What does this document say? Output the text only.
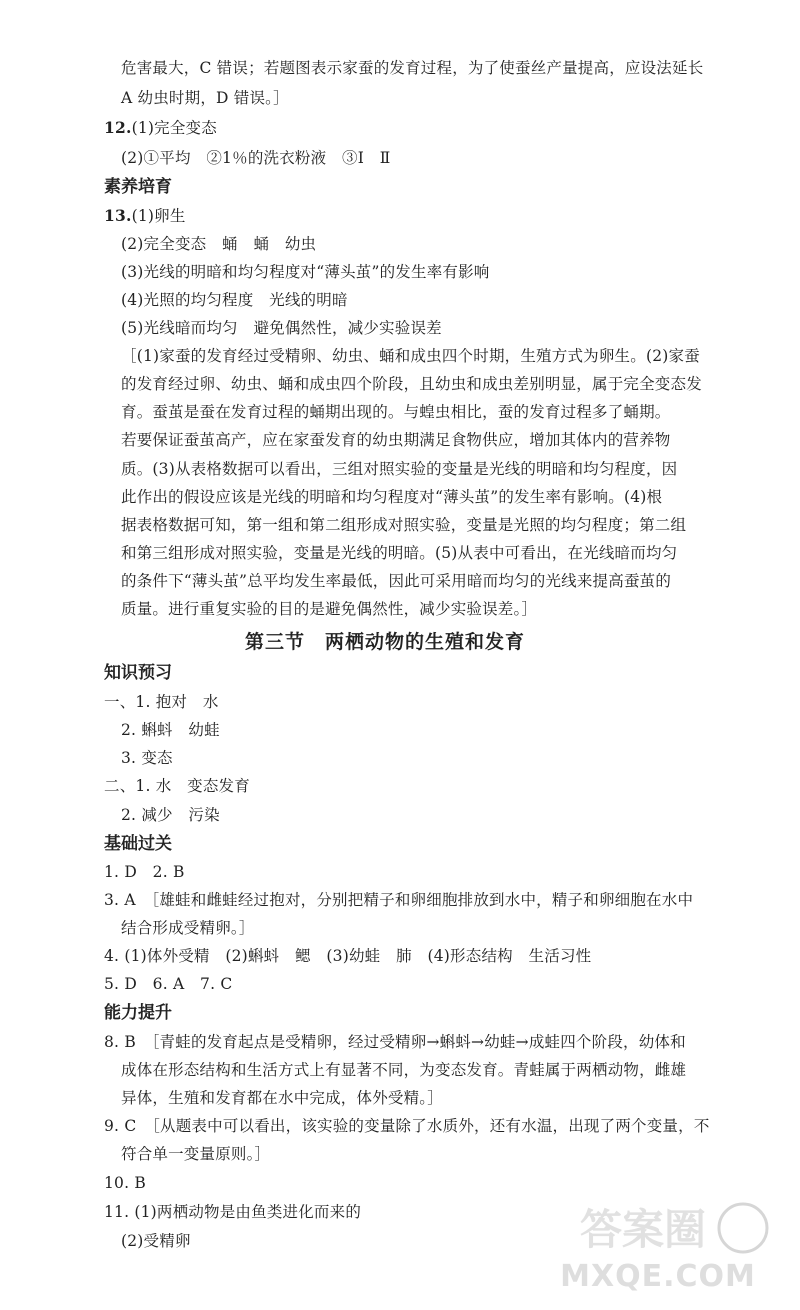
危害最大，C 错误；若题图表示家蚕的发育过程，为了使蚕丝产量提高，应设法延长
A 幼虫时期，D 错误。］
12.(1)完全变态
(2)①平均　②1％的洗衣粉液　③Ⅰ　Ⅱ
素养培育
13.(1)卵生
(2)完全变态　蛹　蛹　幼虫
(3)光线的明暗和均匀程度对“薄头茧”的发生率有影响
(4)光照的均匀程度　光线的明暗
(5)光线暗而均匀　避免偶然性，减少实验误差
［(1)家蚕的发育经过受精卵、幼虫、蛹和成虫四个时期，生殖方式为卵生。(2)家蚕
的发育经过卵、幼虫、蛹和成虫四个阶段，且幼虫和成虫差别明显，属于完全变态发
育。蚕茧是蚕在发育过程的蛹期出现的。与蝗虫相比，蚕的发育过程多了蛹期。
若要保证蚕茧高产，应在家蚕发育的幼虫期满足食物供应，增加其体内的营养物
质。(3)从表格数据可以看出，三组对照实验的变量是光线的明暗和均匀程度，因
此作出的假设应该是光线的明暗和均匀程度对“薄头茧”的发生率有影响。(4)根
据表格数据可知，第一组和第二组形成对照实验，变量是光照的均匀程度；第二组
和第三组形成对照实验，变量是光线的明暗。(5)从表中可看出，在光线暗而均匀
的条件下“薄头茧”总平均发生率最低，因此可采用暗而均匀的光线来提高蚕茧的
质量。进行重复实验的目的是避免偶然性，减少实验误差。］
第三节　两栖动物的生殖和发育
知识预习
一、1. 抱对　水
2. 蝌蚪　幼蛙
3. 变态
二、1. 水　变态发育
2. 减少　污染
基础过关
1. D　2. B
3. A　［雄蛙和雌蛙经过抱对，分别把精子和卵细胞排放到水中，精子和卵细胞在水中
结合形成受精卵。］
4. (1)体外受精　(2)蝌蚪　鳃　(3)幼蛙　肺　(4)形态结构　生活习性
5. D　6. A　7. C
能力提升
8. B　［青蛙的发育起点是受精卵，经过受精卵→蝌蚪→幼蛙→成蛙四个阶段，幼体和
成体在形态结构和生活方式上有显著不同，为变态发育。青蛙属于两栖动物，雌雄
异体，生殖和发育都在水中完成，体外受精。］
9. C　［从题表中可以看出，该实验的变量除了水质外，还有水温，出现了两个变量，不
符合单一变量原则。］
10. B
11. (1)两栖动物是由鱼类进化而来的
(2)受精卵	答案圈
MXQE.COM
